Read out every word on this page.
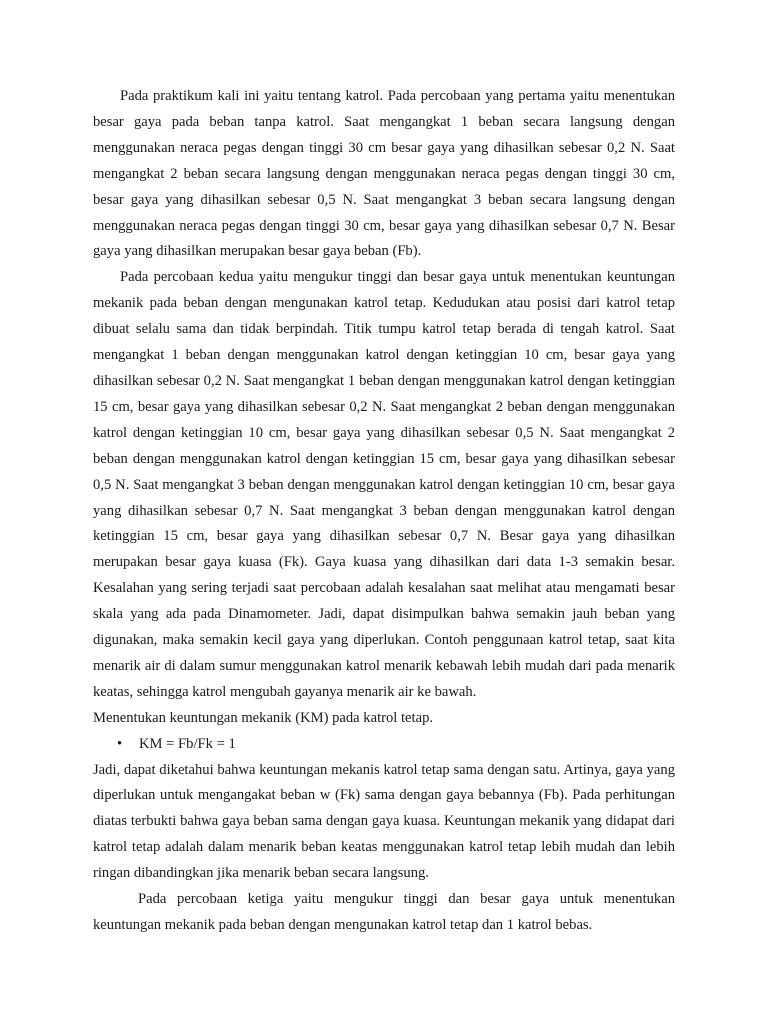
Pada praktikum kali ini yaitu tentang katrol. Pada percobaan yang pertama yaitu menentukan besar gaya pada beban tanpa katrol. Saat mengangkat 1 beban secara langsung dengan menggunakan neraca pegas dengan tinggi 30 cm besar gaya yang dihasilkan sebesar 0,2 N. Saat mengangkat 2 beban secara langsung dengan menggunakan neraca pegas dengan tinggi 30 cm, besar gaya yang dihasilkan sebesar 0,5 N. Saat mengangkat 3 beban secara langsung dengan menggunakan neraca pegas dengan tinggi 30 cm, besar gaya yang dihasilkan sebesar 0,7 N. Besar gaya yang dihasilkan merupakan besar gaya beban (Fb).

Pada percobaan kedua yaitu mengukur tinggi dan besar gaya untuk menentukan keuntungan mekanik pada beban dengan mengunakan katrol tetap. Kedudukan atau posisi dari katrol tetap dibuat selalu sama dan tidak berpindah. Titik tumpu katrol tetap berada di tengah katrol. Saat mengangkat 1 beban dengan menggunakan katrol dengan ketinggian 10 cm, besar gaya yang dihasilkan sebesar 0,2 N. Saat mengangkat 1 beban dengan menggunakan katrol dengan ketinggian 15 cm, besar gaya yang dihasilkan sebesar 0,2 N. Saat mengangkat 2 beban dengan menggunakan katrol dengan ketinggian 10 cm, besar gaya yang dihasilkan sebesar 0,5 N. Saat mengangkat 2 beban dengan menggunakan katrol dengan ketinggian 15 cm, besar gaya yang dihasilkan sebesar 0,5 N. Saat mengangkat 3 beban dengan menggunakan katrol dengan ketinggian 10 cm, besar gaya yang dihasilkan sebesar 0,7 N. Saat mengangkat 3 beban dengan menggunakan katrol dengan ketinggian 15 cm, besar gaya yang dihasilkan sebesar 0,7 N. Besar gaya yang dihasilkan merupakan besar gaya kuasa (Fk). Gaya kuasa yang dihasilkan dari data 1-3 semakin besar. Kesalahan yang sering terjadi saat percobaan adalah kesalahan saat melihat atau mengamati besar skala yang ada pada Dinamometer. Jadi, dapat disimpulkan bahwa semakin jauh beban yang digunakan, maka semakin kecil gaya yang diperlukan. Contoh penggunaan katrol tetap, saat kita menarik air di dalam sumur menggunakan katrol menarik kebawah lebih mudah dari pada menarik keatas, sehingga katrol mengubah gayanya menarik air ke bawah.

Menentukan keuntungan mekanik (KM) pada katrol tetap.

• KM = Fb/Fk = 1

Jadi, dapat diketahui bahwa keuntungan mekanis katrol tetap sama dengan satu. Artinya, gaya yang diperlukan untuk mengangakat beban w (Fk) sama dengan gaya bebannya (Fb). Pada perhitungan diatas terbukti bahwa gaya beban sama dengan gaya kuasa. Keuntungan mekanik yang didapat dari katrol tetap adalah dalam menarik beban keatas menggunakan katrol tetap lebih mudah dan lebih ringan dibandingkan jika menarik beban secara langsung.

Pada percobaan ketiga yaitu mengukur tinggi dan besar gaya untuk menentukan keuntungan mekanik pada beban dengan mengunakan katrol tetap dan 1 katrol bebas.
